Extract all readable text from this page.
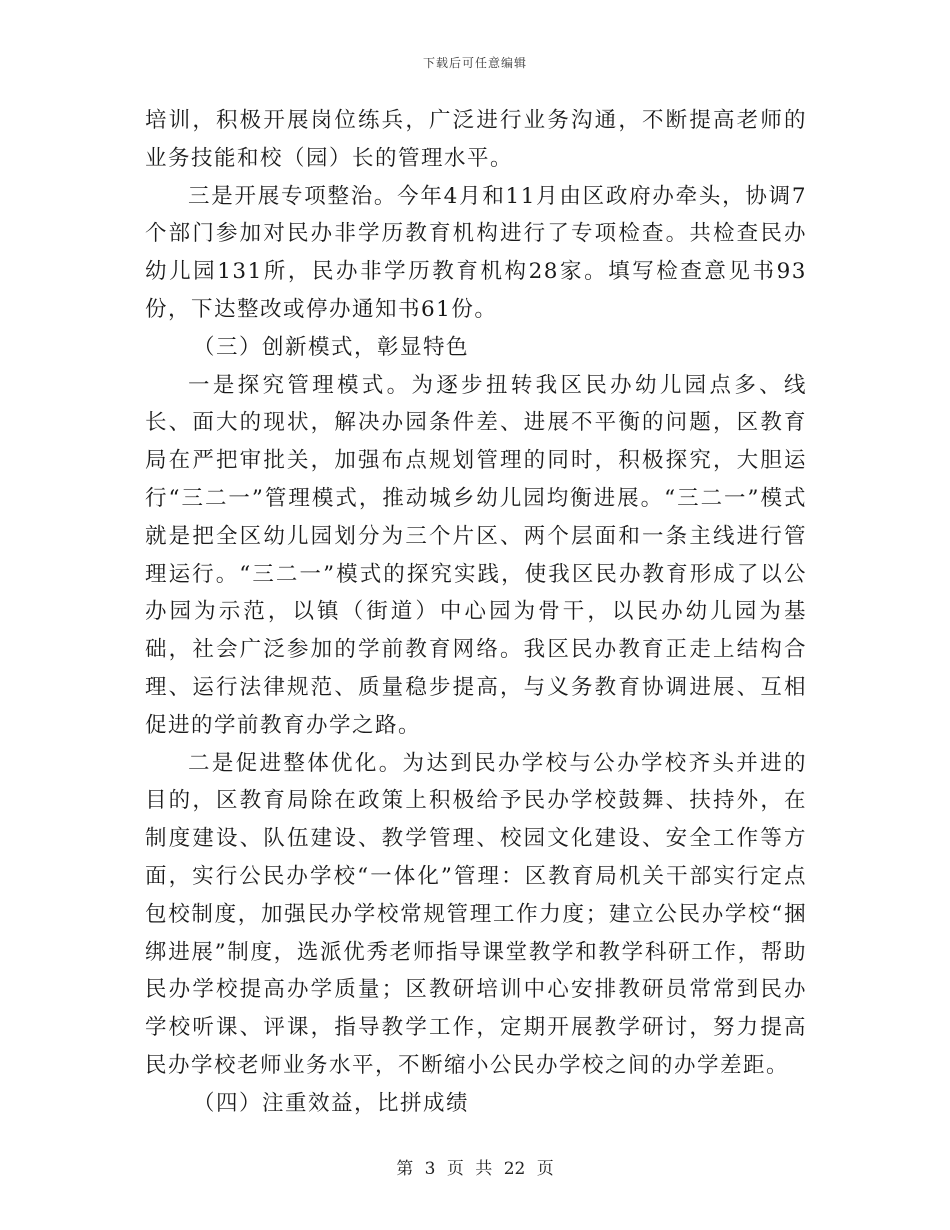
下载后可任意编辑

培训，积极开展岗位练兵，广泛进行业务沟通，不断提高老师的业务技能和校（园）长的管理水平。

三是开展专项整治。今年4月和11月由区政府办牵头，协调7个部门参加对民办非学历教育机构进行了专项检查。共检查民办幼儿园131所，民办非学历教育机构28家。填写检查意见书93份，下达整改或停办通知书61份。

（三）创新模式，彰显特色

一是探究管理模式。为逐步扭转我区民办幼儿园点多、线长、面大的现状，解决办园条件差、进展不平衡的问题，区教育局在严把审批关，加强布点规划管理的同时，积极探究，大胆运行“三二一”管理模式，推动城乡幼儿园均衡进展。“三二一”模式就是把全区幼儿园划分为三个片区、两个层面和一条主线进行管理运行。“三二一”模式的探究实践，使我区民办教育形成了以公办园为示范，以镇（街道）中心园为骨干，以民办幼儿园为基础，社会广泛参加的学前教育网络。我区民办教育正走上结构合理、运行法律规范、质量稳步提高，与义务教育协调进展、互相促进的学前教育办学之路。

二是促进整体优化。为达到民办学校与公办学校齐头并进的目的，区教育局除在政策上积极给予民办学校鼓舞、扶持外，在制度建设、队伍建设、教学管理、校园文化建设、安全工作等方面，实行公民办学校“一体化”管理：区教育局机关干部实行定点包校制度，加强民办学校常规管理工作力度；建立公民办学校“捆绑进展”制度，选派优秀老师指导课堂教学和教学科研工作，帮助民办学校提高办学质量；区教研培训中心安排教研员常常到民办学校听课、评课，指导教学工作，定期开展教学研讨，努力提高民办学校老师业务水平，不断缩小公民办学校之间的办学差距。

（四）注重效益，比拼成绩

第 3 页 共 22 页
